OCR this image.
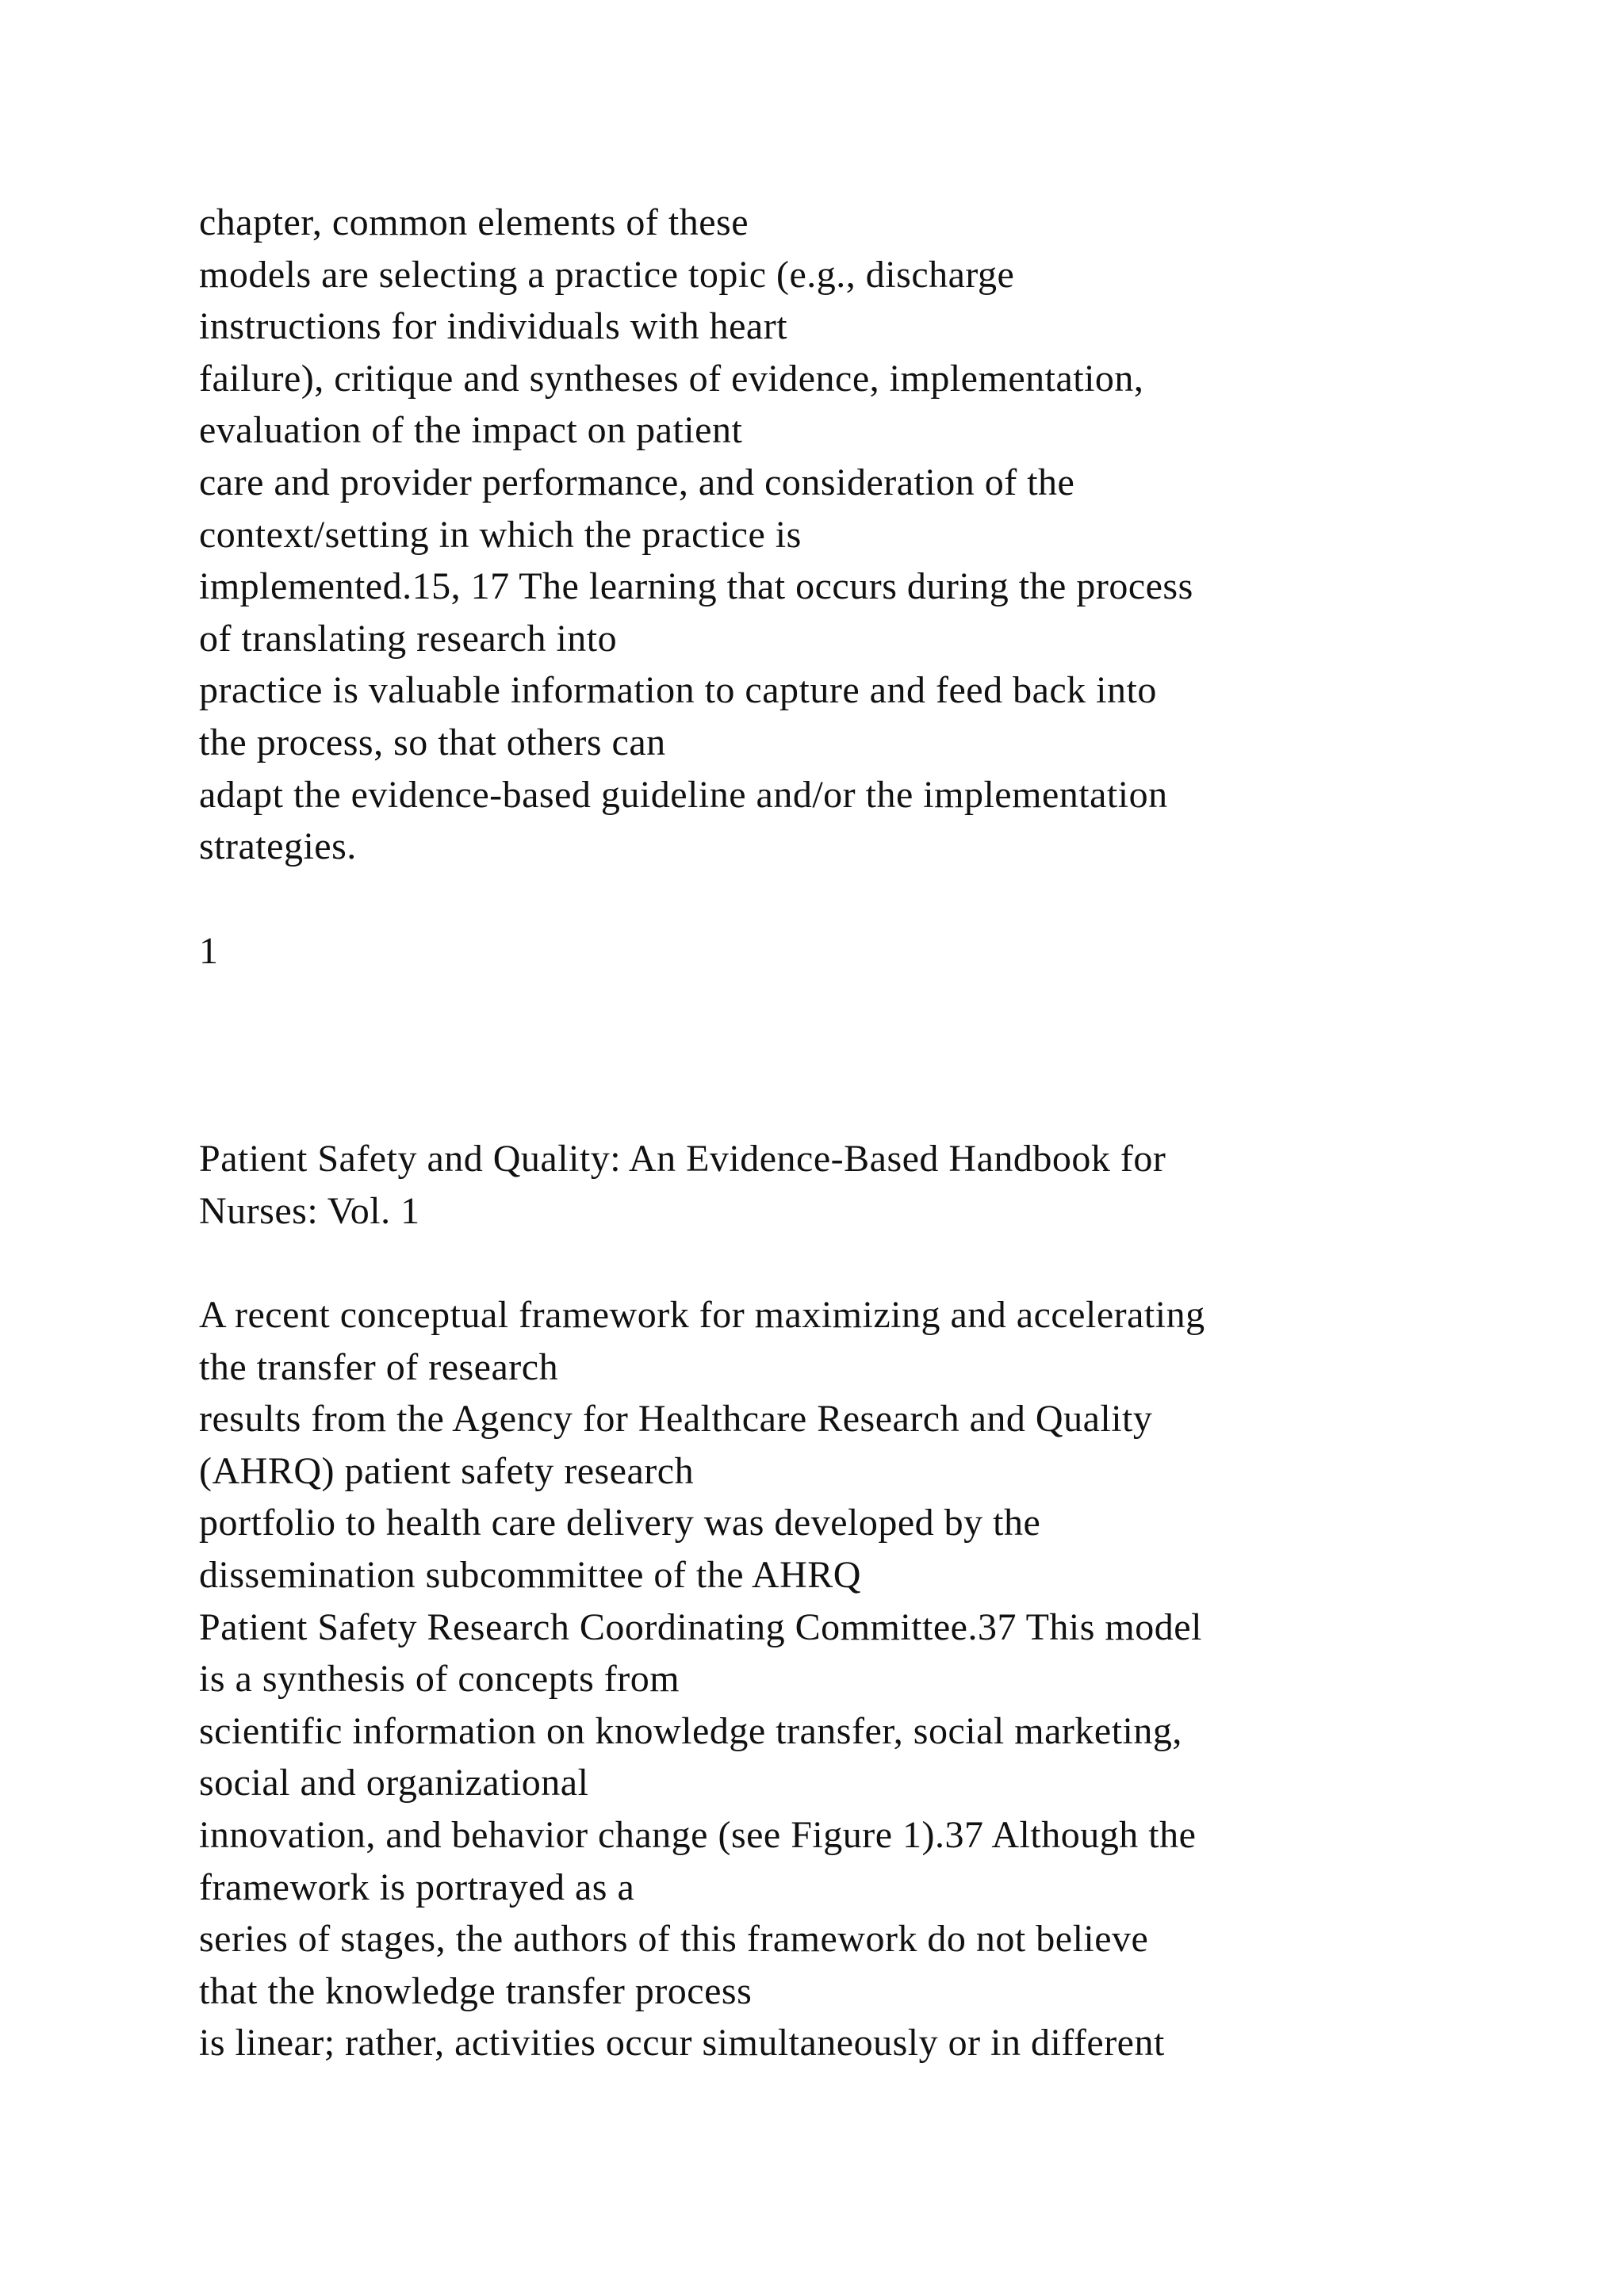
chapter, common elements of these
models are selecting a practice topic (e.g., discharge
instructions for individuals with heart
failure), critique and syntheses of evidence, implementation,
evaluation of the impact on patient
care and provider performance, and consideration of the
context/setting in which the practice is
implemented.15, 17 The learning that occurs during the process
of translating research into
practice is valuable information to capture and feed back into
the process, so that others can
adapt the evidence-based guideline and/or the implementation
strategies.
1
Patient Safety and Quality: An Evidence-Based Handbook for
Nurses: Vol. 1
A recent conceptual framework for maximizing and accelerating
the transfer of research
results from the Agency for Healthcare Research and Quality
(AHRQ) patient safety research
portfolio to health care delivery was developed by the
dissemination subcommittee of the AHRQ
Patient Safety Research Coordinating Committee.37 This model
is a synthesis of concepts from
scientific information on knowledge transfer, social marketing,
social and organizational
innovation, and behavior change (see Figure 1).37 Although the
framework is portrayed as a
series of stages, the authors of this framework do not believe
that the knowledge transfer process
is linear; rather, activities occur simultaneously or in different
